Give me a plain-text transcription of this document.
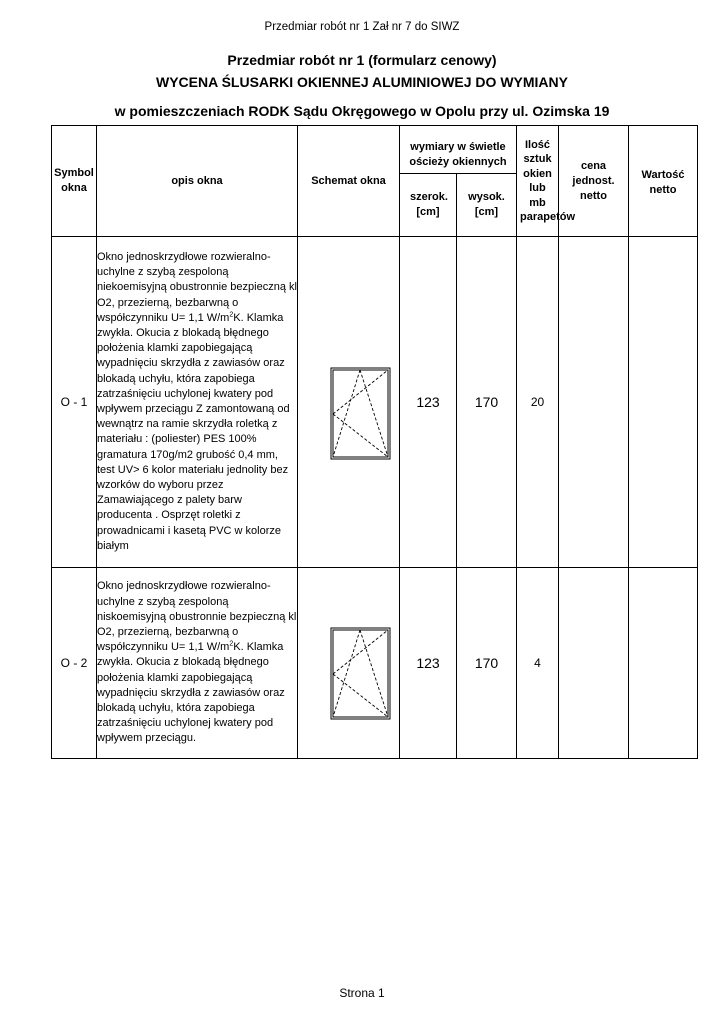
Przedmiar robót nr 1 Zał nr 7 do SIWZ
Przedmiar robót nr 1 (formularz cenowy)
WYCENA ŚLUSARKI OKIENNEJ ALUMINIOWEJ DO WYMIANY
w pomieszczeniach RODK Sądu Okręgowego w Opolu przy ul. Ozimska 19
Symbol okna	opis okna	Schemat okna	wymiary w świetle ościeży okiennych		Ilość sztuk okien lub mb parapetów	cena jednost. netto	Wartość netto
			szerok. [cm]	wysok. [cm]			
O - 1	Okno jednoskrzydłowe rozwieralno-uchylne z szybą zespoloną niekoemisyjną obustronnie bezpieczną kl O2, przezierną, bezbarwną o współczynniku U= 1,1 $W/m^2K$. Klamka zwykła. Okucia z blokadą błędnego położenia klamki zapobiegającą wypadnięciu skrzydła z zawiasów oraz blokadą uchyłu, która zapobiega zatrzaśnięciu uchylonej kwatery pod wpływem przeciągu Z zamontowaną od wewnątrz na ramie skrzydła roletką z materiału : (poliester) PES 100% gramatura 170g/m2 grubość 0,4 mm, test UV> 6 kolor materiału jednolity bez wzorków do wyboru przez Zamawiającego z palety barw producenta . Osprzęt roletki z prowadnicami i kasetą PVC w kolorze białym		123	170	20		
O - 2	Okno jednoskrzydłowe rozwieralno-uchylne z szybą zespoloną niskoemisyjną obustronnie bezpieczną kl O2, przezierną, bezbarwną o współczynniku U= 1,1 $W/m^2K$. Klamka zwykła. Okucia z blokadą błędnego położenia klamki zapobiegającą wypadnięciu skrzydła z zawiasów oraz blokadą uchyłu, która zapobiega zatrzaśnięciu uchylonej kwatery pod wpływem przeciągu.		123	170	4		
Strona 1
